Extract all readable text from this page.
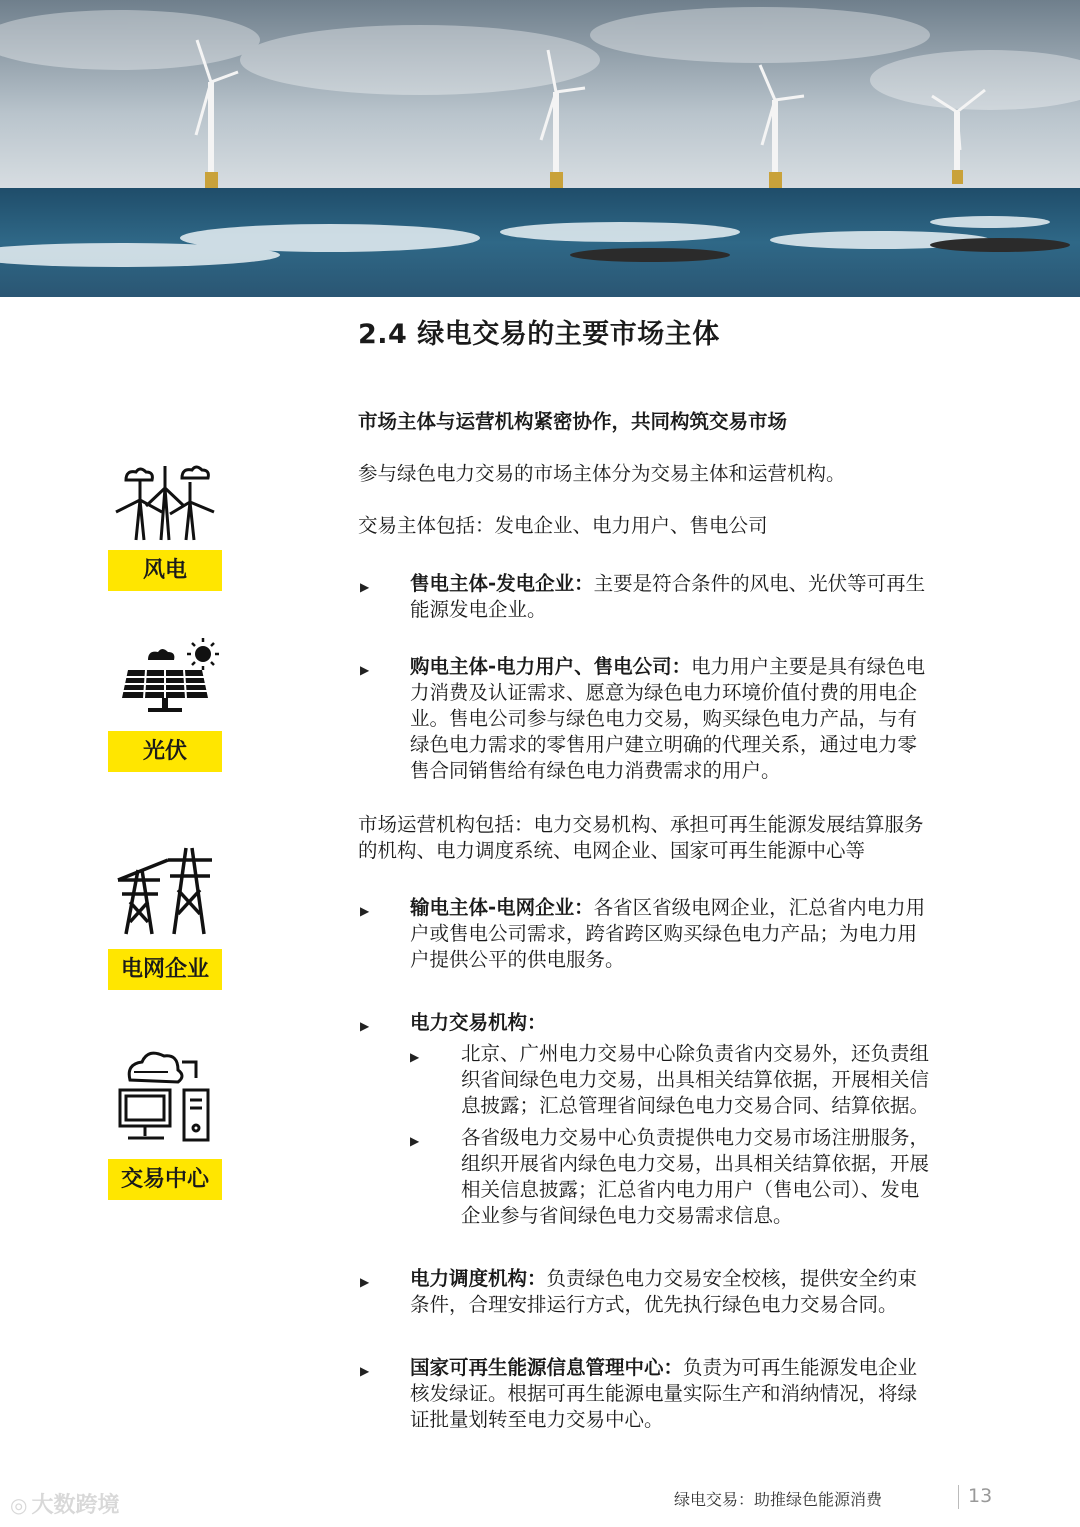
2.4 绿电交易的主要市场主体
风电
光伏
电网企业
交易中心

市场主体与运营机构紧密协作，共同构筑交易市场

参与绿色电力交易的市场主体分为交易主体和运营机构。

交易主体包括：发电企业、电力用户、售电公司

▶ 售电主体-发电企业：主要是符合条件的风电、光伏等可再生
能源发电企业。
▶ 购电主体-电力用户、售电公司：电力用户主要是具有绿色电
力消费及认证需求、愿意为绿色电力环境价值付费的用电企
业。售电公司参与绿色电力交易，购买绿色电力产品，与有
绿色电力需求的零售用户建立明确的代理关系，通过电力零
售合同销售给有绿色电力消费需求的用户。
市场运营机构包括：电力交易机构、承担可再生能源发展结算服务
的机构、电力调度系统、电网企业、国家可再生能源中心等
▶ 输电主体-电网企业：各省区省级电网企业，汇总省内电力用
户或售电公司需求，跨省跨区购买绿色电力产品；为电力用
户提供公平的供电服务。
▶ 电力交易机构：
▶ 北京、广州电力交易中心除负责省内交易外，还负责组
织省间绿色电力交易，出具相关结算依据，开展相关信
息披露；汇总管理省间绿色电力交易合同、结算依据。
▶ 各省级电力交易中心负责提供电力交易市场注册服务，
组织开展省内绿色电力交易，出具相关结算依据，开展
相关信息披露；汇总省内电力用户（售电公司）、发电
企业参与省间绿色电力交易需求信息。
▶ 电力调度机构：负责绿色电力交易安全校核，提供安全约束
条件，合理安排运行方式，优先执行绿色电力交易合同。
▶ 国家可再生能源信息管理中心：负责为可再生能源发电企业
核发绿证。根据可再生能源电量实际生产和消纳情况，将绿
证批量划转至电力交易中心。
◎ 大数跨境	绿电交易：助推绿色能源消费	13
